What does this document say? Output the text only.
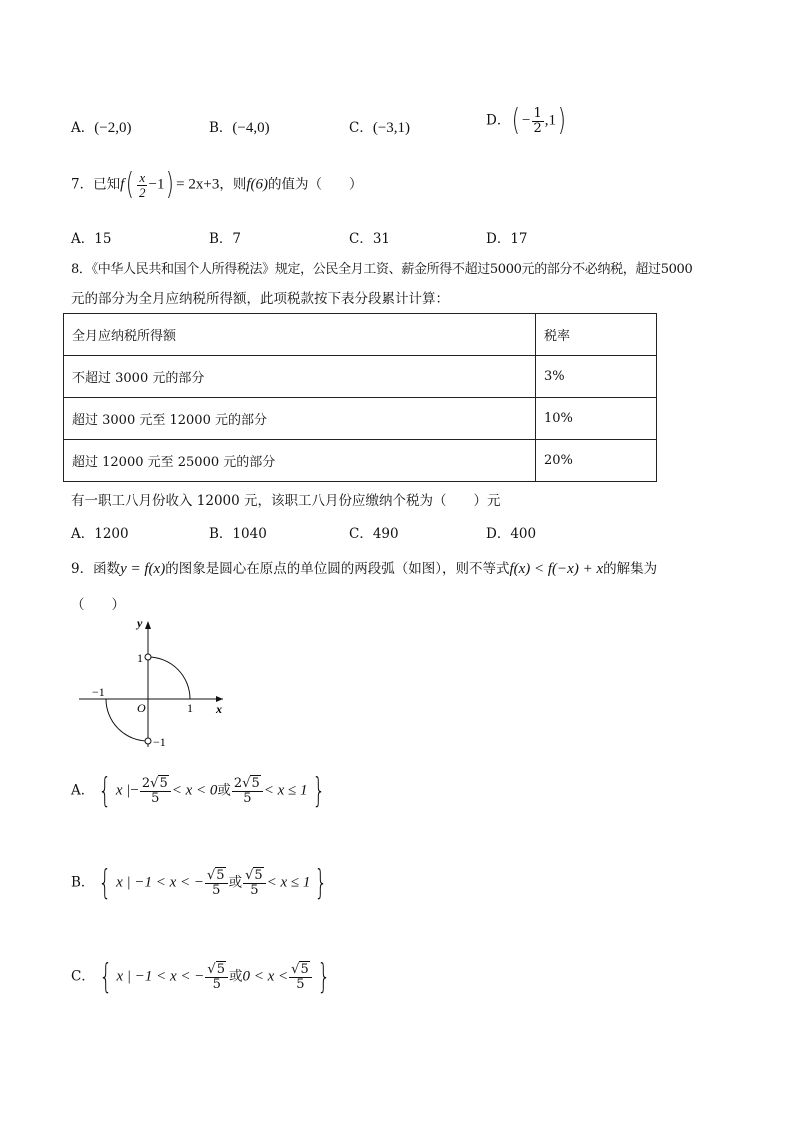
A．(−2,0)	B．(−4,0)	C．(−3,1)	D．( − $\frac{1}{2} ,1$)
7．已知$f( \frac{x}{2} -1) = 2x+3$，则f(6)的值为（　　）
A．15	B．7	C．31	D．17
8．《中华人民共和国个人所得税法》规定，公民全月工资、薪金所得不超过5000元的部分不必纳税，超过5000
元的部分为全月应纳税所得额，此项税款按下表分段累计计算：
全月应纳税所得额	税率
不超过 3000 元的部分	3%
超过 3000 元至 12000 元的部分	10%
超过 12000 元至 25000 元的部分	20%
有一职工八月份收入 12000 元，该职工八月份应缴纳个税为（　　）元
A．1200	B．1040	C．490	D．400
9．函数y = f(x)的图象是圆心在原点的单位圆的两段弧（如图），则不等式f(x) < f(−x) + x的解集为
（　　）
y
x
O
1
1
−1
−1
A． { x |− $\frac{2√5}{5} < x < 0$或 $\frac{2√5}{5} < x \le 1$ }
B． { x | −1 < x < − $\frac{√5}{5}$ 或 $\frac{√5}{5} < x \le 1$ }
C． { x | −1 < x < − $\frac{√5}{5}$ 或$0 < x < \frac{√5}{5}$ }
